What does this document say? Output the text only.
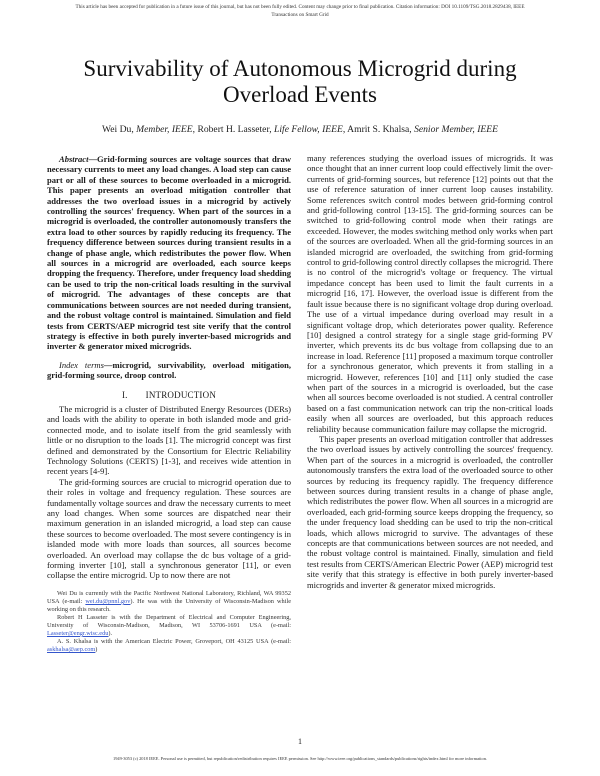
This article has been accepted for publication in a future issue of this journal, but has not been fully edited. Content may change prior to final publication. Citation information: DOI 10.1109/TSG.2018.2829438, IEEE
Transactions on Smart Grid
Survivability of Autonomous Microgrid during
Overload Events
Wei Du, Member, IEEE, Robert H. Lasseter, Life Fellow, IEEE, Amrit S. Khalsa, Senior Member, IEEE

Abstract—Grid-forming sources are voltage sources that draw necessary currents to meet any load changes. A load step can cause part or all of these sources to become overloaded in a microgrid. This paper presents an overload mitigation controller that addresses the two overload issues in a microgrid by actively controlling the sources' frequency. When part of the sources in a microgrid is overloaded, the controller autonomously transfers the extra load to other sources by rapidly reducing its frequency. The frequency difference between sources during transient results in a change of phase angle, which redistributes the power flow. When all sources in a microgrid are overloaded, each source keeps dropping the frequency. Therefore, under frequency load shedding can be used to trip the non-critical loads resulting in the survival of microgrid. The advantages of these concepts are that communications between sources are not needed during transient, and the robust voltage control is maintained. Simulation and field tests from CERTS/AEP microgrid test site verify that the control strategy is effective in both purely inverter-based microgrids and inverter & generator mixed microgrids.

Index terms—microgrid, survivability, overload mitigation, grid-forming source, droop control.

I. INTRODUCTION

The microgrid is a cluster of Distributed Energy Resources (DERs) and loads with the ability to operate in both islanded mode and grid-connected mode, and to isolate itself from the grid seamlessly with little or no disruption to the loads [1]. The microgrid concept was first defined and demonstrated by the Consortium for Electric Reliability Technology Solutions (CERTS) [1-3], and receives wide attention in recent years [4-9].

The grid-forming sources are crucial to microgrid operation due to their roles in voltage and frequency regulation. These sources are fundamentally voltage sources and draw the necessary currents to meet any load changes. When some sources are dispatched near their maximum generation in an islanded microgrid, a load step can cause these sources to become overloaded. The most severe contingency is in islanded mode with more loads than sources, all sources become overloaded. An overload may collapse the dc bus voltage of a grid-forming inverter [10], stall a synchronous generator [11], or even collapse the entire microgrid. Up to now there are not

Wei Du is currently with the Pacific Northwest National Laboratory, Richland, WA 99352 USA (e-mail: wei.du@pnnl.gov). He was with the University of Wisconsin-Madison while working on this research.

Robert H Lasseter is with the Department of Electrical and Computer Engineering, University of Wisconsin-Madison, Madison, WI 53706-1691 USA (e-mail: Lasseter@engr.wisc.edu).

A. S. Khalsa is with the American Electric Power, Groveport, OH 43125 USA (e-mail: askhalsa@aep.com)

many references studying the overload issues of microgrids. It was once thought that an inner current loop could effectively limit the over-currents of grid-forming sources, but reference [12] points out that the use of reference saturation of inner current loop causes instability. Some references switch control modes between grid-forming control and grid-following control [13-15]. The grid-forming sources can be switched to grid-following control mode when their ratings are exceeded. However, the modes switching method only works when part of the sources are overloaded. When all the grid-forming sources in an islanded microgrid are overloaded, the switching from grid-forming control to grid-following control directly collapses the microgrid. There is no control of the microgrid's voltage or frequency. The virtual impedance concept has been used to limit the fault currents in a microgrid [16, 17]. However, the overload issue is different from the fault issue because there is no significant voltage drop during overload. The use of a virtual impedance during overload may result in a significant voltage drop, which deteriorates power quality. Reference [10] designed a control strategy for a single stage grid-forming PV inverter, which prevents its dc bus voltage from collapsing due to an increase in load. Reference [11] proposed a maximum torque controller for a synchronous generator, which prevents it from stalling in a microgrid. However, references [10] and [11] only studied the case when part of the sources in a microgrid is overloaded, but the case when all sources become overloaded is not studied. A central controller based on a fast communication network can trip the non-critical loads easily when all sources are overloaded, but this approach reduces reliability because communication failure may collapse the microgrid.

This paper presents an overload mitigation controller that addresses the two overload issues by actively controlling the sources' frequency. When part of the sources in a microgrid is overloaded, the controller autonomously transfers the extra load of the overloaded source to other sources by reducing its frequency rapidly. The frequency difference between sources during transient results in a change of phase angle, which redistributes the power flow. When all sources in a microgrid are overloaded, each grid-forming source keeps dropping the frequency, so the under frequency load shedding can be used to trip the non-critical loads, which allows microgrid to survive. The advantages of these concepts are that communications between sources are not needed, and the robust voltage control is maintained. Finally, simulation and field test results from CERTS/American Electric Power (AEP) microgrid test site verify that this strategy is effective in both purely inverter-based microgrids and inverter & generator mixed microgrids.

1
1949-3053 (c) 2018 IEEE. Personal use is permitted, but republication/redistribution requires IEEE permission. See http://www.ieee.org/publications_standards/publications/rights/index.html for more information.
